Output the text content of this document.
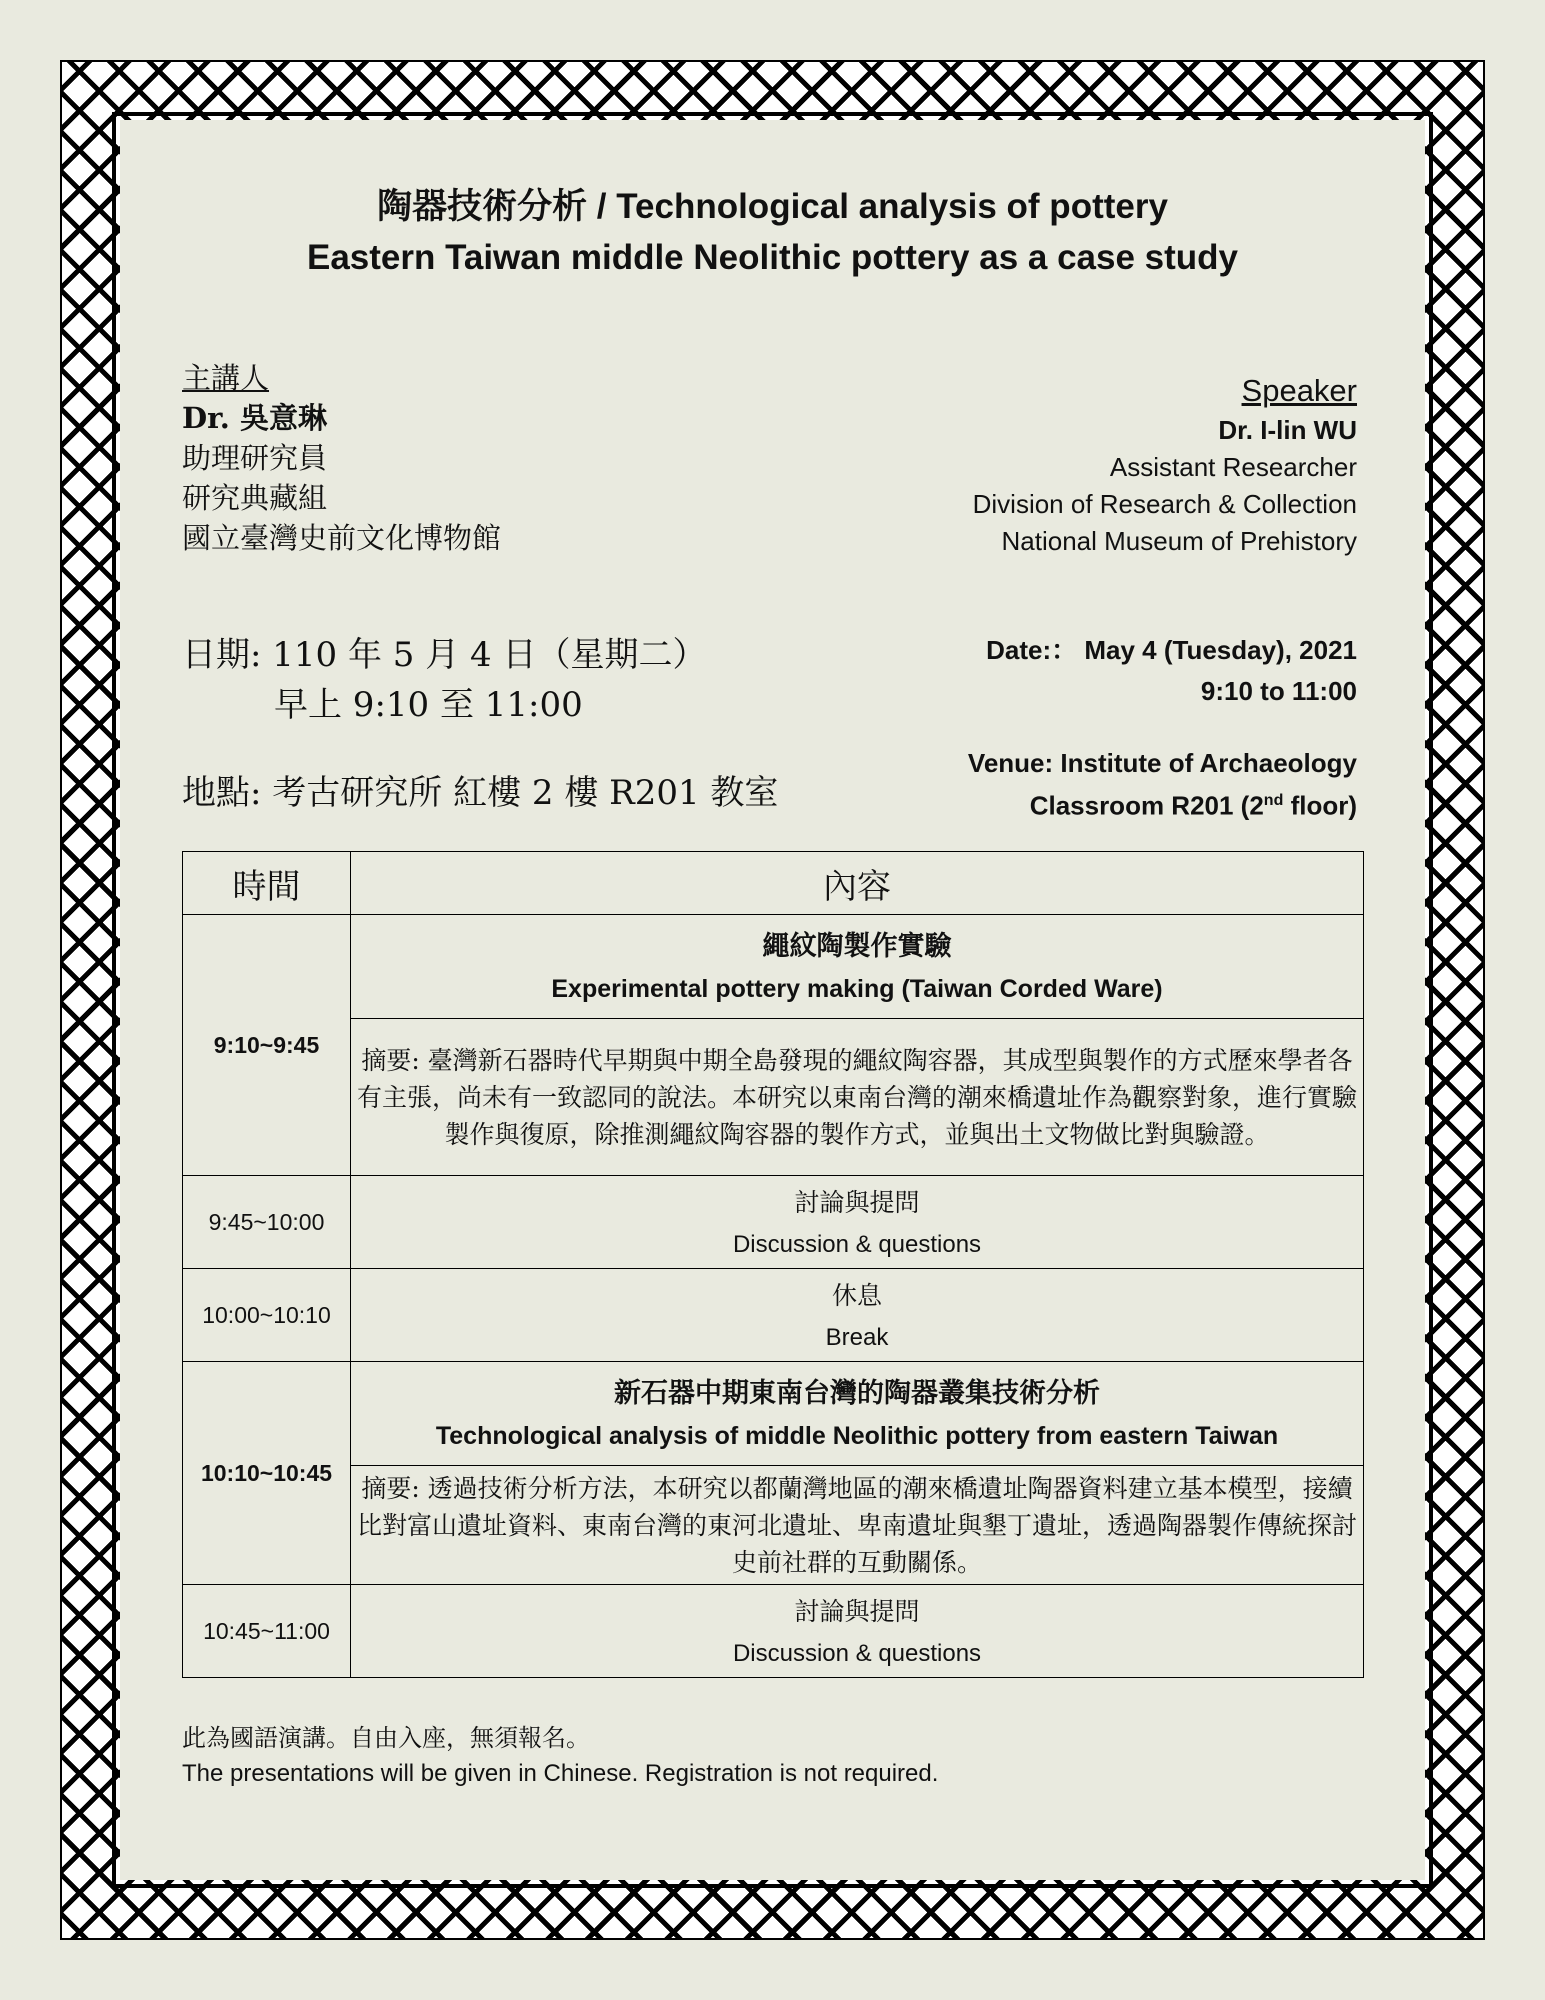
陶器技術分析 / Technological analysis of pottery
Eastern Taiwan middle Neolithic pottery as a case study
主講人
Dr. 吳意琳
助理研究員
研究典藏組
國立臺灣史前文化博物館
Speaker
Dr. I-lin WU
Assistant Researcher
Division of Research & Collection
National Museum of Prehistory
日期: 110 年 5 月 4 日（星期二）
早上 9:10 至 11:00
地點: 考古研究所 紅樓 2 樓 R201 教室
Date:： May 4 (Tuesday), 2021
9:10 to 11:00
Venue: Institute of Archaeology
Classroom R201 (2nd floor)
時間	內容
9:10~9:45	繩紋陶製作實驗
Experimental pottery making (Taiwan Corded Ware)

	摘要: 臺灣新石器時代早期與中期全島發現的繩紋陶容器，其成型與製作的方式歷來學者各有主張，尚未有一致認同的說法。本研究以東南台灣的潮來橋遺址作為觀察對象，進行實驗製作與復原，除推測繩紋陶容器的製作方式，並與出土文物做比對與驗證。
9:45~10:00	討論與提問
Discussion & questions

10:00~10:10	休息
Break

10:10~10:45	新石器中期東南台灣的陶器叢集技術分析
Technological analysis of middle Neolithic pottery from eastern Taiwan

	摘要: 透過技術分析方法，本研究以都蘭灣地區的潮來橋遺址陶器資料建立基本模型，接續比對富山遺址資料、東南台灣的東河北遺址、卑南遺址與墾丁遺址，透過陶器製作傳統探討史前社群的互動關係。
10:45~11:00	討論與提問
Discussion & questions
此為國語演講。自由入座，無須報名。
The presentations will be given in Chinese. Registration is not required.
